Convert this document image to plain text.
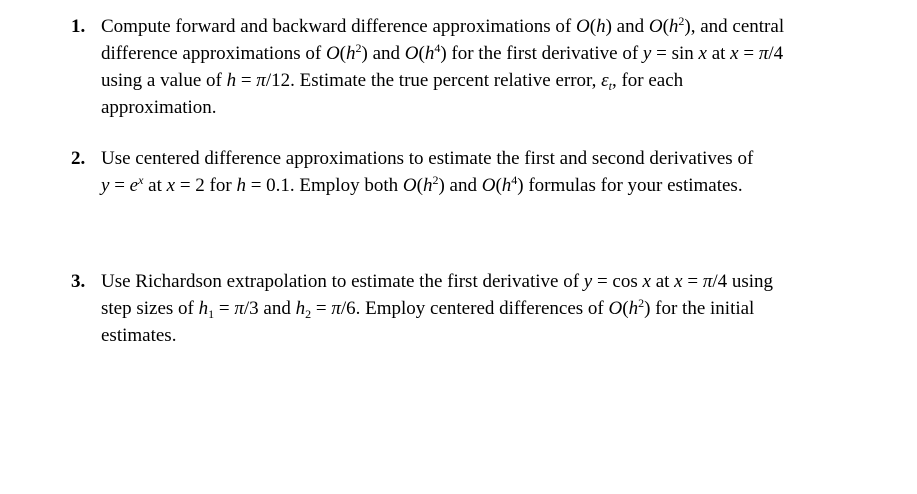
1. Compute forward and backward difference approximations of O(h) and $O(h^2)$, and central
difference approximations of $O(h^2)$ and $O(h^4)$ for the first derivative of y = sin x at x = π/4
using a value of h = π/12. Estimate the true percent relative error, $\varepsilon_t$, for each
approximation.
2. Use centered difference approximations to estimate the first and second derivatives of
$y = e^x$ at x = 2 for h = 0.1. Employ both $O(h^2)$ and $O(h^4)$ formulas for your estimates.
3. Use Richardson extrapolation to estimate the first derivative of y = cos x at x = π/4 using
step sizes of $h_1 = \pi/3$ and $h_2 = \pi/6$. Employ centered differences of $O(h^2)$ for the initial
estimates.
